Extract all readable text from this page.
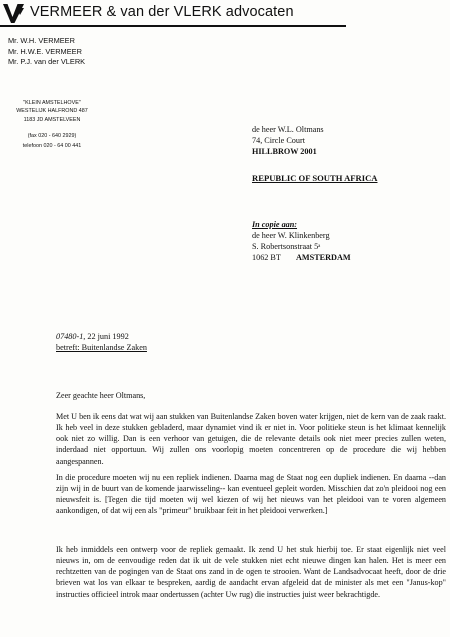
VERMEER & van der VLERK advocaten
Mr. W.H. VERMEER
Mr. H.W.E. VERMEER
Mr. P.J. van der VLERK
"KLEIN AMSTELHOVE"
WESTELIJK HALFROND 487
1183 JD AMSTELVEEN
(fax 020 - 640 2929)
telefoon 020 - 64 00 441
de heer W.L. Oltmans
74, Circle Court
HILLBROW 2001
REPUBLIC OF SOUTH AFRICA
In copie aan:
de heer W. Klinkenberg
S. Robertsonstraat 5ᵃ
1062 BT AMSTERDAM
07480-1, 22 juni 1992
betreft: Buitenlandse Zaken

Zeer geachte heer Oltmans,

Met U ben ik eens dat wat wij aan stukken van Buitenlandse Zaken boven water krijgen, niet de kern van de zaak raakt. Ik heb veel in deze stukken gebladerd, maar dynamiet vind ik er niet in. Voor politieke steun is het klimaat kennelijk ook niet zo willig. Dan is een verhoor van getuigen, die de relevante details ook niet meer precies zullen weten, inderdaad niet opportuun. Wij zullen ons voorlopig moeten concentreren op de procedure die wij hebben aangespannen.

In die procedure moeten wij nu een repliek indienen. Daarna mag de Staat nog een dupliek indienen. En daarna --dan zijn wij in de buurt van de komende jaarwisseling-- kan eventueel gepleit worden. Misschien dat zo'n pleidooi nog een nieuwsfeit is. [Tegen die tijd moeten wij wel kiezen of wij het nieuws van het pleidooi van te voren algemeen aankondigen, of dat wij een als "primeur" bruikbaar feit in het pleidooi verwerken.]

Ik heb inmiddels een ontwerp voor de repliek gemaakt. Ik zend U het stuk hierbij toe. Er staat eigenlijk niet veel nieuws in, om de eenvoudige reden dat ik uit de vele stukken niet echt nieuwe dingen kan halen. Het is meer een rechtzetten van de pogingen van de Staat ons zand in de ogen te strooien. Want de Landsadvocaat heeft, door de drie brieven wat los van elkaar te bespreken, aardig de aandacht ervan afgeleid dat de minister als met een "Janus-kop" instructies officieel introk maar ondertussen (achter Uw rug) die instructies juist weer bekrachtigde.
